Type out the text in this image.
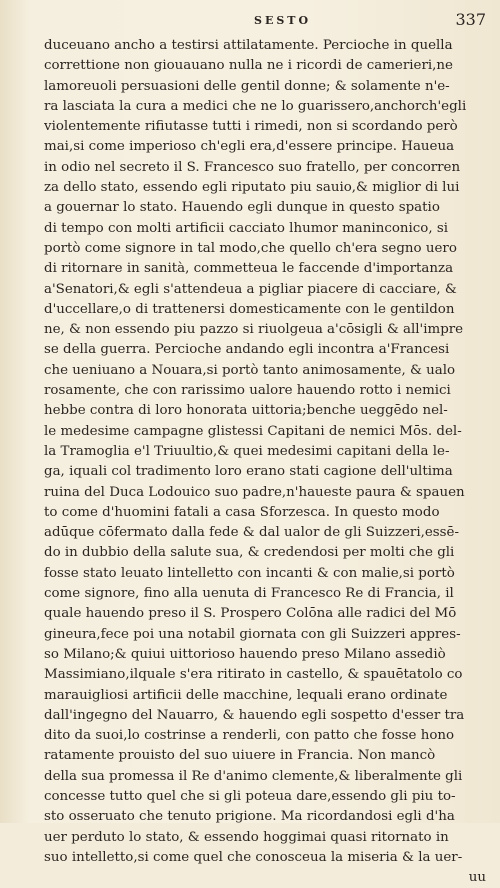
SESTO	337
duceuano ancho a testirsi attilatamente. Percioche in quella
correttione non giouauano nulla ne i ricordi de camerieri,ne
lamoreuoli persuasioni delle gentil donne; & solamente n'e-
ra lasciata la cura a medici che ne lo guarissero,anchorch'egli
violentemente rifiutasse tutti i rimedi, non si scordando però
mai,si come imperioso ch'egli era,d'essere principe. Haueua
in odio nel secreto il S. Francesco suo fratello, per concorren
za dello stato, essendo egli riputato piu sauio,& miglior di lui
a gouernar lo stato. Hauendo egli dunque in questo spatio
di tempo con molti artificii cacciato lhumor maninconico, si
portò come signore in tal modo,che quello ch'era segno uero
di ritornare in sanità, commetteua le faccende d'importanza
a'Senatori,& egli s'attendeua a pigliar piacere di cacciare, &
d'uccellare,o di trattenersi domesticamente con le gentildon
ne, & non essendo piu pazzo si riuolgeua a'cōsigli & all'impre
se della guerra. Percioche andando egli incontra a'Francesi
che ueniuano a Nouara,si portò tanto animosamente, & ualo
rosamente, che con rarissimo ualore hauendo rotto i nemici
hebbe contra di loro honorata uittoria;benche ueggēdo nel-
le medesime campagne glistessi Capitani de nemici Mōs. del-
la Tramoglia e'l Triuultio,& quei medesimi capitani della le-
ga, iquali col tradimento loro erano stati cagione dell'ultima
ruina del Duca Lodouico suo padre,n'haueste paura & spauen
to come d'huomini fatali a casa Sforzesca. In questo modo
adūque cōfermato dalla fede & dal ualor de gli Suizzeri,essē-
do in dubbio della salute sua, & credendosi per molti che gli
fosse stato leuato lintelletto con incanti & con malie,si portò
come signore, fino alla uenuta di Francesco Re di Francia, il
quale hauendo preso il S. Prospero Colōna alle radici del Mō
gineura,fece poi una notabil giornata con gli Suizzeri appres-
so Milano;& quiui uittorioso hauendo preso Milano assediò
Massimiano,ilquale s'era ritirato in castello, & spauētatolo co
marauigliosi artificii delle macchine, lequali erano ordinate
dall'ingegno del Nauarro, & hauendo egli sospetto d'esser tra
dito da suoi,lo costrinse a renderli, con patto che fosse hono
ratamente prouisto del suo uiuere in Francia. Non mancò
della sua promessa il Re d'animo clemente,& liberalmente gli
concesse tutto quel che si gli poteua dare,essendo gli piu to-
sto osseruato che tenuto prigione. Ma ricordandosi egli d'ha
uer perduto lo stato, & essendo hoggimai quasi ritornato in
suo intelletto,si come quel che conosceua la miseria & la uer-
uu
